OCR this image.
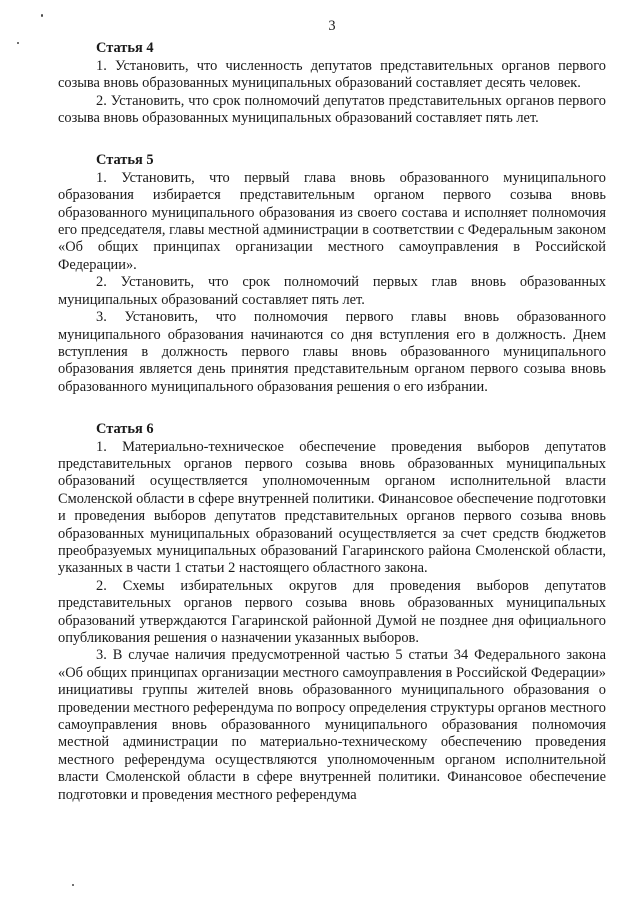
3
Статья 4

1. Установить, что численность депутатов представительных органов первого созыва вновь образованных муниципальных образований составляет десять человек.

2. Установить, что срок полномочий депутатов представительных органов первого созыва вновь образованных муниципальных образований составляет пять лет.

Статья 5

1. Установить, что первый глава вновь образованного муниципального образования избирается представительным органом первого созыва вновь образованного муниципального образования из своего состава и исполняет полномочия его председателя, главы местной администрации в соответствии с Федеральным законом «Об общих принципах организации местного самоуправления в Российской Федерации».

2. Установить, что срок полномочий первых глав вновь образованных муниципальных образований составляет пять лет.

3. Установить, что полномочия первого главы вновь образованного муниципального образования начинаются со дня вступления его в должность. Днем вступления в должность первого главы вновь образованного муниципального образования является день принятия представительным органом первого созыва вновь образованного муниципального образования решения о его избрании.

Статья 6

1. Материально-техническое обеспечение проведения выборов депутатов представительных органов первого созыва вновь образованных муниципальных образований осуществляется уполномоченным органом исполнительной власти Смоленской области в сфере внутренней политики. Финансовое обеспечение подготовки и проведения выборов депутатов представительных органов первого созыва вновь образованных муниципальных образований осуществляется за счет средств бюджетов преобразуемых муниципальных образований Гагаринского района Смоленской области, указанных в части 1 статьи 2 настоящего областного закона.

2. Схемы избирательных округов для проведения выборов депутатов представительных органов первого созыва вновь образованных муниципальных образований утверждаются Гагаринской районной Думой не позднее дня официального опубликования решения о назначении указанных выборов.

3. В случае наличия предусмотренной частью 5 статьи 34 Федерального закона «Об общих принципах организации местного самоуправления в Российской Федерации» инициативы группы жителей вновь образованного муниципального образования о проведении местного референдума по вопросу определения структуры органов местного самоуправления вновь образованного муниципального образования полномочия местной администрации по материально-техническому обеспечению проведения местного референдума осуществляются уполномоченным органом исполнительной власти Смоленской области в сфере внутренней политики. Финансовое обеспечение подготовки и проведения местного референдума
